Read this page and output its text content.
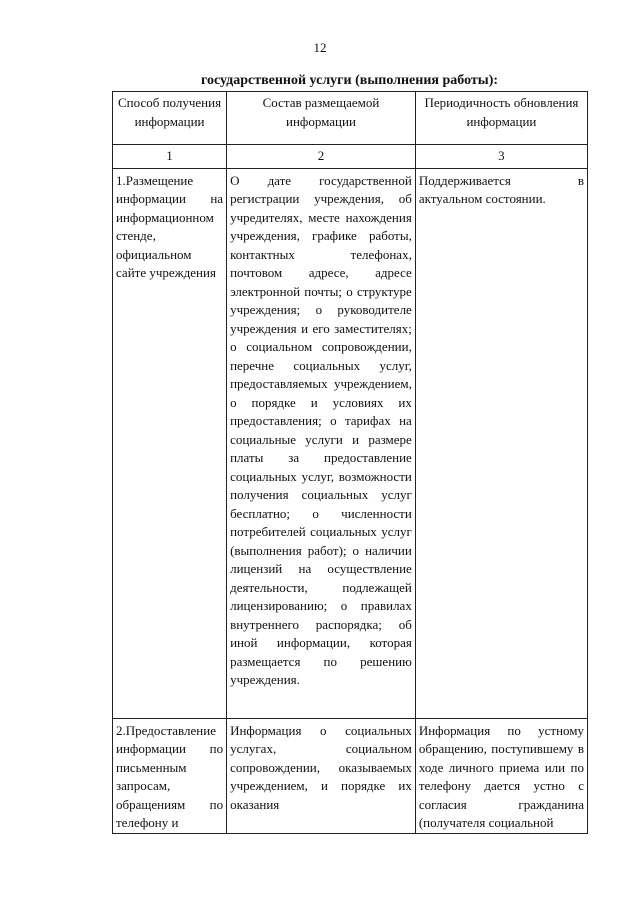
12
государственной услуги (выполнения работы):
Способ получения информации	Состав размещаемой информации	Периодичность обновления информации
1	2	3
1.Размещение информации на информационном стенде, официальном сайте учреждения	О дате государственной регистрации учреждения, об учредителях, месте нахождения учреждения, графике работы, контактных телефонах, почтовом адресе, адресе электронной почты; о структуре учреждения; о руководителе учреждения и его заместителях; о социальном сопровождении, перечне социальных услуг, предоставляемых учреждением, о порядке и условиях их предоставления; о тарифах на социальные услуги и размере платы за предоставление социальных услуг, возможности получения социальных услуг бесплатно; о численности потребителей социальных услуг (выполнения работ); о наличии лицензий на осуществление деятельности, подлежащей лицензированию; о правилах внутреннего распорядка; об иной информации, которая размещается по решению учреждения.	Поддерживается в актуальном состоянии.
2.Предоставление информации по письменным запросам, обращениям по телефону и	Информация о социальных услугах, социальном сопровождении, оказываемых учреждением, и порядке их оказания	Информация по устному обращению, поступившему в ходе личного приема или по телефону дается устно с согласия гражданина (получателя социальной
